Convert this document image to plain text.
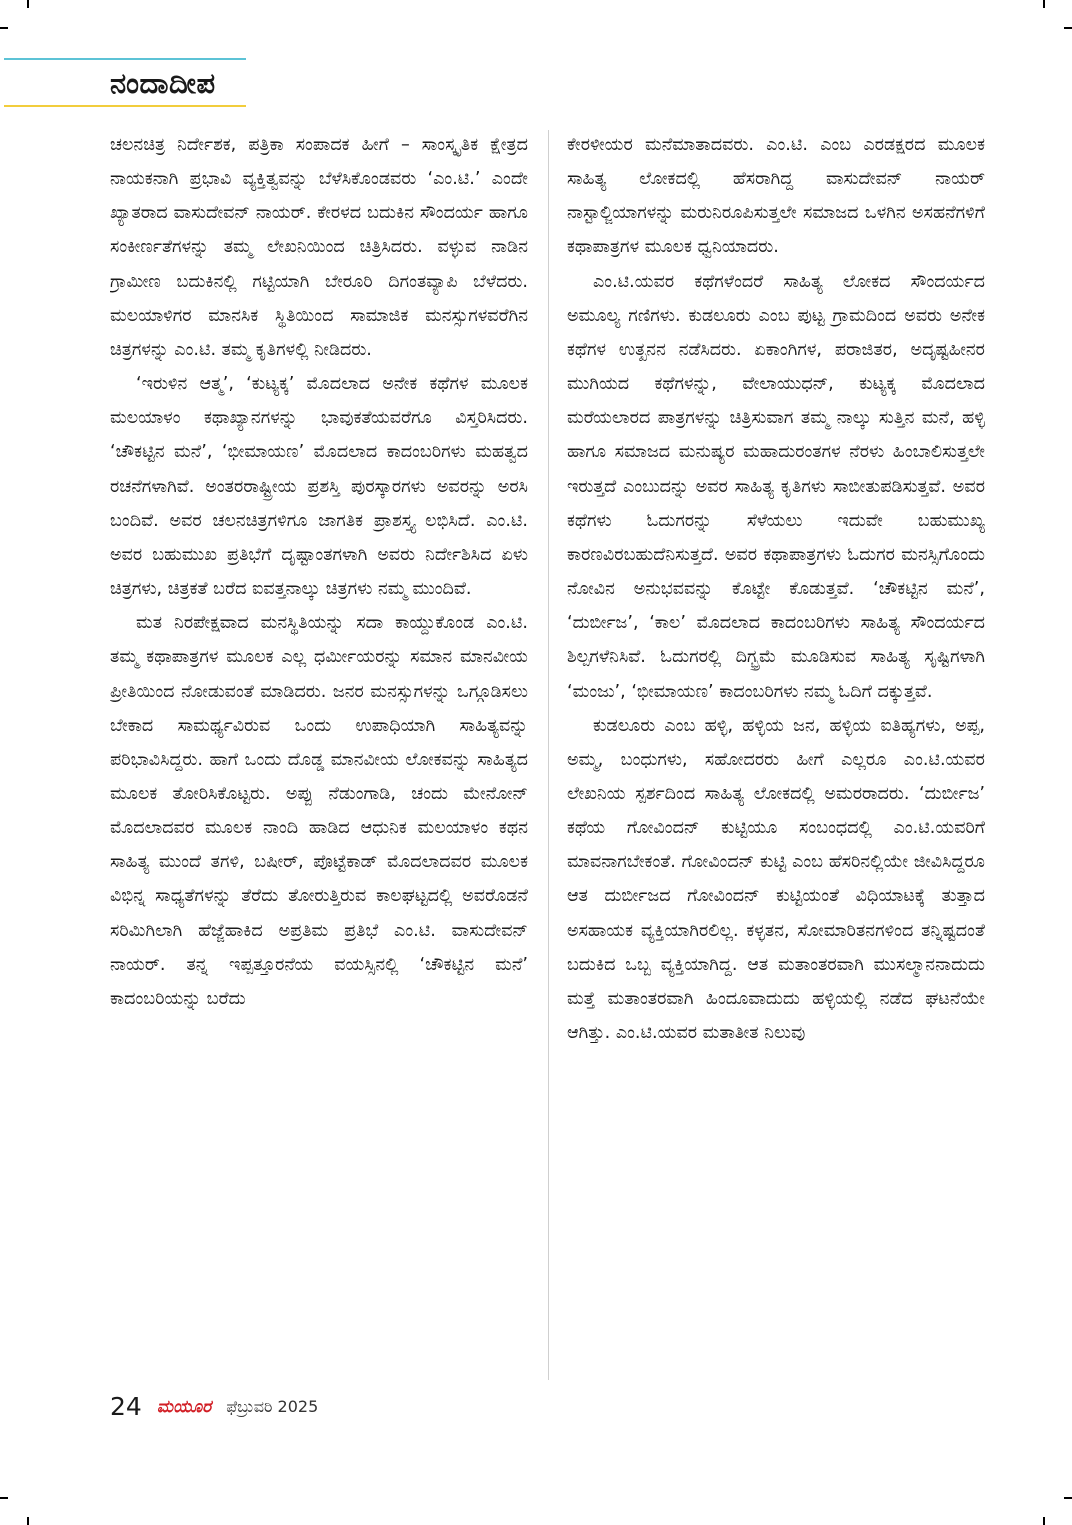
ನಂದಾದೀಪ

ಚಲನಚಿತ್ರ ನಿರ್ದೇಶಕ, ಪತ್ರಿಕಾ ಸಂಪಾದಕ ಹೀಗೆ – ಸಾಂಸ್ಕೃತಿಕ ಕ್ಷೇತ್ರದ ನಾಯಕನಾಗಿ ಪ್ರಭಾವಿ ವ್ಯಕ್ತಿತ್ವವನ್ನು ಬೆಳೆಸಿಕೊಂಡವರು ‘ಎಂ.ಟಿ.’ ಎಂದೇ ಖ್ಯಾತರಾದ ವಾಸುದೇವನ್ ನಾಯರ್. ಕೇರಳದ ಬದುಕಿನ ಸೌಂದರ್ಯ ಹಾಗೂ ಸಂಕೀರ್ಣತೆಗಳನ್ನು ತಮ್ಮ ಲೇಖನಿಯಿಂದ ಚಿತ್ರಿಸಿದರು. ವಳ್ಳುವ ನಾಡಿನ ಗ್ರಾಮೀಣ ಬದುಕಿನಲ್ಲಿ ಗಟ್ಟಿಯಾಗಿ ಬೇರೂರಿ ದಿಗಂತವ್ಯಾಪಿ ಬೆಳೆದರು. ಮಲಯಾಳಿಗರ ಮಾನಸಿಕ ಸ್ಥಿತಿಯಿಂದ ಸಾಮಾಜಿಕ ಮನಸ್ಸುಗಳವರೆಗಿನ ಚಿತ್ರಗಳನ್ನು ಎಂ.ಟಿ. ತಮ್ಮ ಕೃತಿಗಳಲ್ಲಿ ನೀಡಿದರು.

‘ಇರುಳಿನ ಆತ್ಮ’, ‘ಕುಟ್ಯಕ್ಕ’ ಮೊದಲಾದ ಅನೇಕ ಕಥೆಗಳ ಮೂಲಕ ಮಲಯಾಳಂ ಕಥಾಖ್ಯಾನಗಳನ್ನು ಭಾವುಕತೆಯವರೆಗೂ ವಿಸ್ತರಿಸಿದರು. ‘ಚೌಕಟ್ಟಿನ ಮನೆ’, ‘ಭೀಮಾಯಣ’ ಮೊದಲಾದ ಕಾದಂಬರಿಗಳು ಮಹತ್ವದ ರಚನೆಗಳಾಗಿವೆ. ಅಂತರರಾಷ್ಟ್ರೀಯ ಪ್ರಶಸ್ತಿ ಪುರಸ್ಕಾರಗಳು ಅವರನ್ನು ಅರಸಿ ಬಂದಿವೆ. ಅವರ ಚಲನಚಿತ್ರಗಳಿಗೂ ಜಾಗತಿಕ ಪ್ರಾಶಸ್ತ್ಯ ಲಭಿಸಿದೆ. ಎಂ.ಟಿ. ಅವರ ಬಹುಮುಖ ಪ್ರತಿಭೆಗೆ ದೃಷ್ಟಾಂತಗಳಾಗಿ ಅವರು ನಿರ್ದೇಶಿಸಿದ ಏಳು ಚಿತ್ರಗಳು, ಚಿತ್ರಕತೆ ಬರೆದ ಐವತ್ತನಾಲ್ಕು ಚಿತ್ರಗಳು ನಮ್ಮ ಮುಂದಿವೆ.

ಮತ ನಿರಪೇಕ್ಷವಾದ ಮನಸ್ಥಿತಿಯನ್ನು ಸದಾ ಕಾಯ್ದುಕೊಂಡ ಎಂ.ಟಿ. ತಮ್ಮ ಕಥಾಪಾತ್ರಗಳ ಮೂಲಕ ಎಲ್ಲ ಧರ್ಮೀಯರನ್ನು ಸಮಾನ ಮಾನವೀಯ ಪ್ರೀತಿಯಿಂದ ನೋಡುವಂತೆ ಮಾಡಿದರು. ಜನರ ಮನಸ್ಸುಗಳನ್ನು ಒಗ್ಗೂಡಿಸಲು ಬೇಕಾದ ಸಾಮರ್ಥ್ಯವಿರುವ ಒಂದು ಉಪಾಧಿಯಾಗಿ ಸಾಹಿತ್ಯವನ್ನು ಪರಿಭಾವಿಸಿದ್ದರು. ಹಾಗೆ ಒಂದು ದೊಡ್ಡ ಮಾನವೀಯ ಲೋಕವನ್ನು ಸಾಹಿತ್ಯದ ಮೂಲಕ ತೋರಿಸಿಕೊಟ್ಟರು. ಅಪ್ಪು ನೆಡುಂಗಾಡಿ, ಚಂದು ಮೇನೋನ್ ಮೊದಲಾದವರ ಮೂಲಕ ನಾಂದಿ ಹಾಡಿದ ಆಧುನಿಕ ಮಲಯಾಳಂ ಕಥನ ಸಾಹಿತ್ಯ ಮುಂದೆ ತಗಳಿ, ಬಷೀರ್, ಪೊಟ್ಟೆಕಾಡ್ ಮೊದಲಾದವರ ಮೂಲಕ ವಿಭಿನ್ನ ಸಾಧ್ಯತೆಗಳನ್ನು ತೆರೆದು ತೋರುತ್ತಿರುವ ಕಾಲಘಟ್ಟದಲ್ಲಿ ಅವರೊಡನೆ ಸರಿಮಿಗಿಲಾಗಿ ಹೆಜ್ಜೆಹಾಕಿದ ಅಪ್ರತಿಮ ಪ್ರತಿಭೆ ಎಂ.ಟಿ. ವಾಸುದೇವನ್ ನಾಯರ್. ತನ್ನ ಇಪ್ಪತ್ತೂರನೆಯ ವಯಸ್ಸಿನಲ್ಲಿ ‘ಚೌಕಟ್ಟಿನ ಮನೆ’ ಕಾದಂಬರಿಯನ್ನು ಬರೆದು

ಕೇರಳೀಯರ ಮನೆಮಾತಾದವರು. ಎಂ.ಟಿ. ಎಂಬ ಎರಡಕ್ಷರದ ಮೂಲಕ ಸಾಹಿತ್ಯ ಲೋಕದಲ್ಲಿ ಹೆಸರಾಗಿದ್ದ ವಾಸುದೇವನ್ ನಾಯರ್ ನಾಸ್ಟಾಲ್ಜಿಯಾಗಳನ್ನು ಮರುನಿರೂಪಿಸುತ್ತಲೇ ಸಮಾಜದ ಒಳಗಿನ ಅಸಹನೆಗಳಿಗೆ ಕಥಾಪಾತ್ರಗಳ ಮೂಲಕ ಧ್ವನಿಯಾದರು.

ಎಂ.ಟಿ.ಯವರ ಕಥೆಗಳೆಂದರೆ ಸಾಹಿತ್ಯ ಲೋಕದ ಸೌಂದರ್ಯದ ಅಮೂಲ್ಯ ಗಣಿಗಳು. ಕುಡಲೂರು ಎಂಬ ಪುಟ್ಟ ಗ್ರಾಮದಿಂದ ಅವರು ಅನೇಕ ಕಥೆಗಳ ಉತ್ಖನನ ನಡೆಸಿದರು. ಏಕಾಂಗಿಗಳ, ಪರಾಜಿತರ, ಅದೃಷ್ಟಹೀನರ ಮುಗಿಯದ ಕಥೆಗಳನ್ನು, ವೇಲಾಯುಧನ್, ಕುಟ್ಯಕ್ಕ ಮೊದಲಾದ ಮರೆಯಲಾರದ ಪಾತ್ರಗಳನ್ನು ಚಿತ್ರಿಸುವಾಗ ತಮ್ಮ ನಾಲ್ಕು ಸುತ್ತಿನ ಮನೆ, ಹಳ್ಳಿ ಹಾಗೂ ಸಮಾಜದ ಮನುಷ್ಯರ ಮಹಾದುರಂತಗಳ ನೆರಳು ಹಿಂಬಾಲಿಸುತ್ತಲೇ ಇರುತ್ತದೆ ಎಂಬುದನ್ನು ಅವರ ಸಾಹಿತ್ಯ ಕೃತಿಗಳು ಸಾಬೀತುಪಡಿಸುತ್ತವೆ. ಅವರ ಕಥೆಗಳು ಓದುಗರನ್ನು ಸೆಳೆಯಲು ಇದುವೇ ಬಹುಮುಖ್ಯ ಕಾರಣವಿರಬಹುದೆನಿಸುತ್ತದೆ. ಅವರ ಕಥಾಪಾತ್ರಗಳು ಓದುಗರ ಮನಸ್ಸಿಗೊಂದು ನೋವಿನ ಅನುಭವವನ್ನು ಕೊಟ್ಟೇ ಕೊಡುತ್ತವೆ. ‘ಚೌಕಟ್ಟಿನ ಮನೆ’, ‘ದುರ್ಬೀಜ’, ‘ಕಾಲ’ ಮೊದಲಾದ ಕಾದಂಬರಿಗಳು ಸಾಹಿತ್ಯ ಸೌಂದರ್ಯದ ಶಿಲ್ಪಗಳೆನಿಸಿವೆ. ಓದುಗರಲ್ಲಿ ದಿಗ್ಭ್ರಮೆ ಮೂಡಿಸುವ ಸಾಹಿತ್ಯ ಸೃಷ್ಟಿಗಳಾಗಿ ‘ಮಂಜು’, ‘ಭೀಮಾಯಣ’ ಕಾದಂಬರಿಗಳು ನಮ್ಮ ಓದಿಗೆ ದಕ್ಕುತ್ತವೆ.

ಕುಡಲೂರು ಎಂಬ ಹಳ್ಳಿ, ಹಳ್ಳಿಯ ಜನ, ಹಳ್ಳಿಯ ಐತಿಹ್ಯಗಳು, ಅಪ್ಪ, ಅಮ್ಮ, ಬಂಧುಗಳು, ಸಹೋದರರು ಹೀಗೆ ಎಲ್ಲರೂ ಎಂ.ಟಿ.ಯವರ ಲೇಖನಿಯ ಸ್ಪರ್ಶದಿಂದ ಸಾಹಿತ್ಯ ಲೋಕದಲ್ಲಿ ಅಮರರಾದರು. ‘ದುರ್ಬೀಜ’ ಕಥೆಯ ಗೋವಿಂದನ್ ಕುಟ್ಟಿಯೂ ಸಂಬಂಧದಲ್ಲಿ ಎಂ.ಟಿ.ಯವರಿಗೆ ಮಾವನಾಗಬೇಕಂತೆ. ಗೋವಿಂದನ್ ಕುಟ್ಟಿ ಎಂಬ ಹೆಸರಿನಲ್ಲಿಯೇ ಜೀವಿಸಿದ್ದರೂ ಆತ ದುರ್ಬೀಜದ ಗೋವಿಂದನ್ ಕುಟ್ಟಿಯಂತೆ ವಿಧಿಯಾಟಕ್ಕೆ ತುತ್ತಾದ ಅಸಹಾಯಕ ವ್ಯಕ್ತಿಯಾಗಿರಲಿಲ್ಲ. ಕಳ್ಳತನ, ಸೋಮಾರಿತನಗಳಿಂದ ತನ್ನಿಷ್ಟದಂತೆ ಬದುಕಿದ ಒಬ್ಬ ವ್ಯಕ್ತಿಯಾಗಿದ್ದ. ಆತ ಮತಾಂತರವಾಗಿ ಮುಸಲ್ಮಾನನಾದುದು ಮತ್ತೆ ಮತಾಂತರವಾಗಿ ಹಿಂದೂವಾದುದು ಹಳ್ಳಿಯಲ್ಲಿ ನಡೆದ ಘಟನೆಯೇ ಆಗಿತ್ತು. ಎಂ.ಟಿ.ಯವರ ಮತಾತೀತ ನಿಲುವು

24 ಮಯೂರ ಫೆಬ್ರುವರಿ 2025
